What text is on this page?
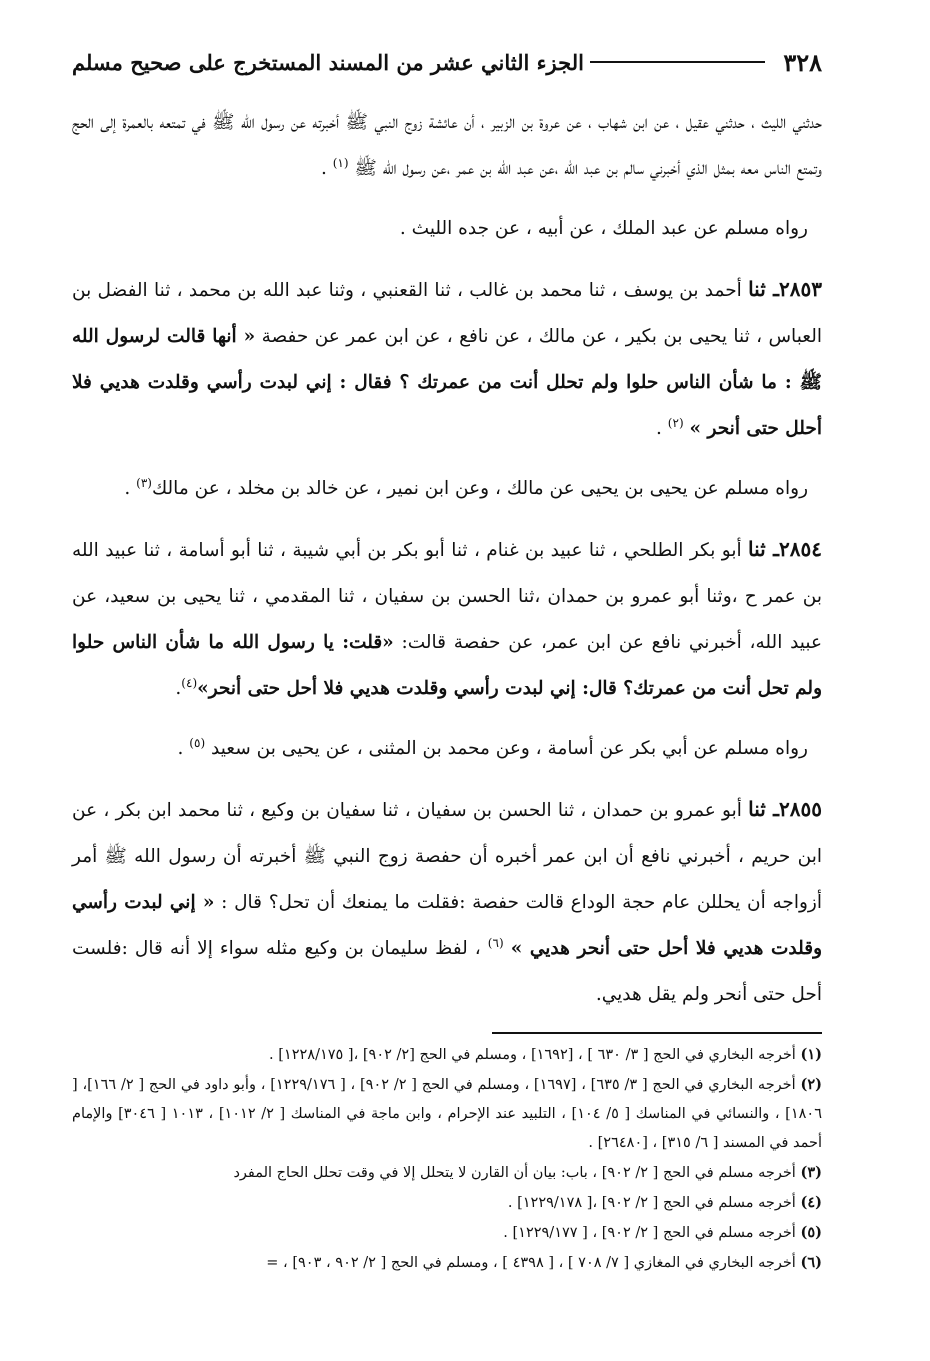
٣٢٨
الجزء الثاني عشر من المسند المستخرج على صحيح مسلم

حدثني الليث ، حدثني عقيل ، عن ابن شهاب ، عن عروة بن الزبير ، أن عائشة زوج النبي ﷺ أخبرته عن رسول الله ﷺ في تمتعه بالعمرة إلى الحج وتمتع الناس معه بمثل الذي أخبرني سالم بن عبد الله ،عن عبد الله بن عمر ،عن رسول الله ﷺ $^{(١)}$ .

رواه مسلم عن عبد الملك ، عن أبيه ، عن جده الليث .

٢٨٥٣ـ ثنا أحمد بن يوسف ، ثنا محمد بن غالب ، ثنا القعنبي ، وثنا عبد الله بن محمد ، ثنا الفضل بن العباس ، ثنا يحيى بن بكير ، عن مالك ، عن نافع ، عن ابن عمر عن حفصة « أنها قالت لرسول الله ﷺ : ما شأن الناس حلوا ولم تحلل أنت من عمرتك ؟ فقال : إني لبدت رأسي وقلدت هديي فلا أحلل حتى أنحر » $^{(٢)}$ .

رواه مسلم عن يحيى بن يحيى عن مالك ، وعن ابن نمير ، عن خالد بن مخلد ، عن مالك$^{(٣)}$ .

٢٨٥٤ـ ثنا أبو بكر الطلحي ، ثنا عبيد بن غنام ، ثنا أبو بكر بن أبي شيبة ، ثنا أبو أسامة ، ثنا عبيد الله بن عمر ح ،وثنا أبو عمرو بن حمدان ،ثنا الحسن بن سفيان ، ثنا المقدمي ، ثنا يحيى بن سعيد، عن عبيد الله، أخبرني نافع عن ابن عمر، عن حفصة قالت: «قلت: يا رسول الله ما شأن الناس حلوا ولم تحل أنت من عمرتك؟ قال: إني لبدت رأسي وقلدت هديي فلا أحل حتى أنحر»$^{(٤)}$.

رواه مسلم عن أبي بكر عن أسامة ، وعن محمد بن المثنى ، عن يحيى بن سعيد $^{(٥)}$ .

٢٨٥٥ـ ثنا أبو عمرو بن حمدان ، ثنا الحسن بن سفيان ، ثنا سفيان بن وكيع ، ثنا محمد ابن بكر ، عن ابن حريم ، أخبرني نافع أن ابن عمر أخبره أن حفصة زوج النبي ﷺ أخبرته أن رسول الله ﷺ أمر أزواجه أن يحللن عام حجة الوداع قالت حفصة :فقلت ما يمنعك أن تحل؟ قال : « إني لبدت رأسي وقلدت هديي فلا أحل حتى أنحر هديي » $^{(٦)}$ ، لفظ سليمان بن وكيع مثله سواء إلا أنه قال :فلست أحل حتى أنحر ولم يقل هديي.

(١) أخرجه البخاري في الحج [ ٣/ ٦٣٠ ] ، [١٦٩٢] ، ومسلم في الحج [٢/ ٩٠٢] ،[ ١٢٢٨/١٧٥] .

(٢) أخرجه البخاري في الحج [ ٣/ ٦٣٥] ، [١٦٩٧] ، ومسلم في الحج [ ٢/ ٩٠٢] ، [ ١٢٢٩/١٧٦] ، وأبو داود في الحج [ ٢/ ١٦٦]، [ ١٨٠٦] ، والنسائي في المناسك [ ٥/ ١٠٤] ، التلبيد عند الإحرام ، وابن ماجة في المناسك [ ٢/ ١٠١٢] ، ١٠١٣ [ ٣٠٤٦] والإمام أحمد في المسند [ ٦/ ٣١٥] ، [٢٦٤٨٠] .

(٣) أخرجه مسلم في الحج [ ٢/ ٩٠٢] ، باب: بيان أن القارن لا يتحلل إلا في وقت تحلل الحاج المفرد

(٤) أخرجه مسلم في الحج [ ٢/ ٩٠٢] ،[ ١٢٢٩/١٧٨] .

(٥) أخرجه مسلم في الحج [ ٢/ ٩٠٢] ، [ ١٢٢٩/١٧٧] .

(٦) أخرجه البخاري في المغازي [ ٧/ ٧٠٨ ] ، [ ٤٣٩٨ ] ، ومسلم في الحج [ ٢/ ٩٠٢ ، ٩٠٣] ، =
